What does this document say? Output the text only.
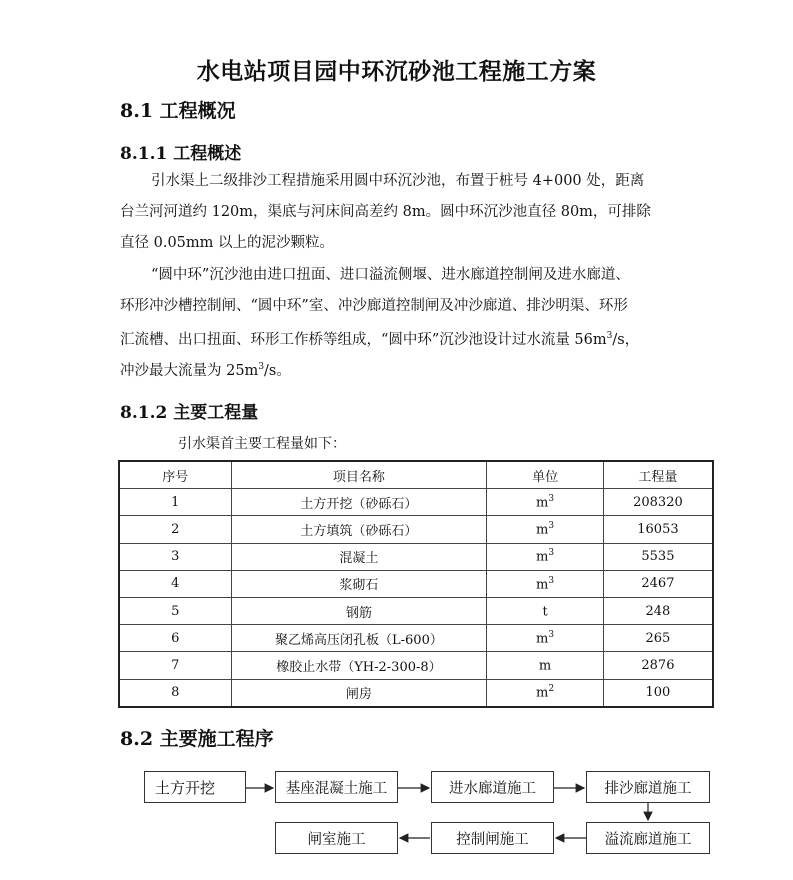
水电站项目园中环沉砂池工程施工方案
8.1 工程概况
8.1.1 工程概述
引水渠上二级排沙工程措施采用圆中环沉沙池，布置于桩号 4+000 处，距离
台兰河河道约 120m，渠底与河床间高差约 8m。圆中环沉沙池直径 80m，可排除
直径 0.05mm 以上的泥沙颗粒。
“圆中环”沉沙池由进口扭面、进口溢流侧堰、进水廊道控制闸及进水廊道、
环形冲沙槽控制闸、“圆中环”室、冲沙廊道控制闸及冲沙廊道、排沙明渠、环形
汇流槽、出口扭面、环形工作桥等组成，“圆中环”沉沙池设计过水流量 $56m^3/s$，
冲沙最大流量为 $25m^3/s$。
8.1.2 主要工程量
引水渠首主要工程量如下：
序号	项目名称	单位	工程量
1	土方开挖（砂砾石）	$m^3$	208320
2	土方填筑（砂砾石）	$m^3$	16053
3	混凝土	$m^3$	5535
4	浆砌石	$m^3$	2467
5	钢筋	t	248
6	聚乙烯高压闭孔板（L-600）	$m^3$	265
7	橡胶止水带（YH-2-300-8）	m	2876
8	闸房	$m^2$	100
8.2 主要施工程序
土方开挖	基座混凝土施工	进水廊道施工	排沙廊道施工
闸室施工	控制闸施工	溢流廊道施工
